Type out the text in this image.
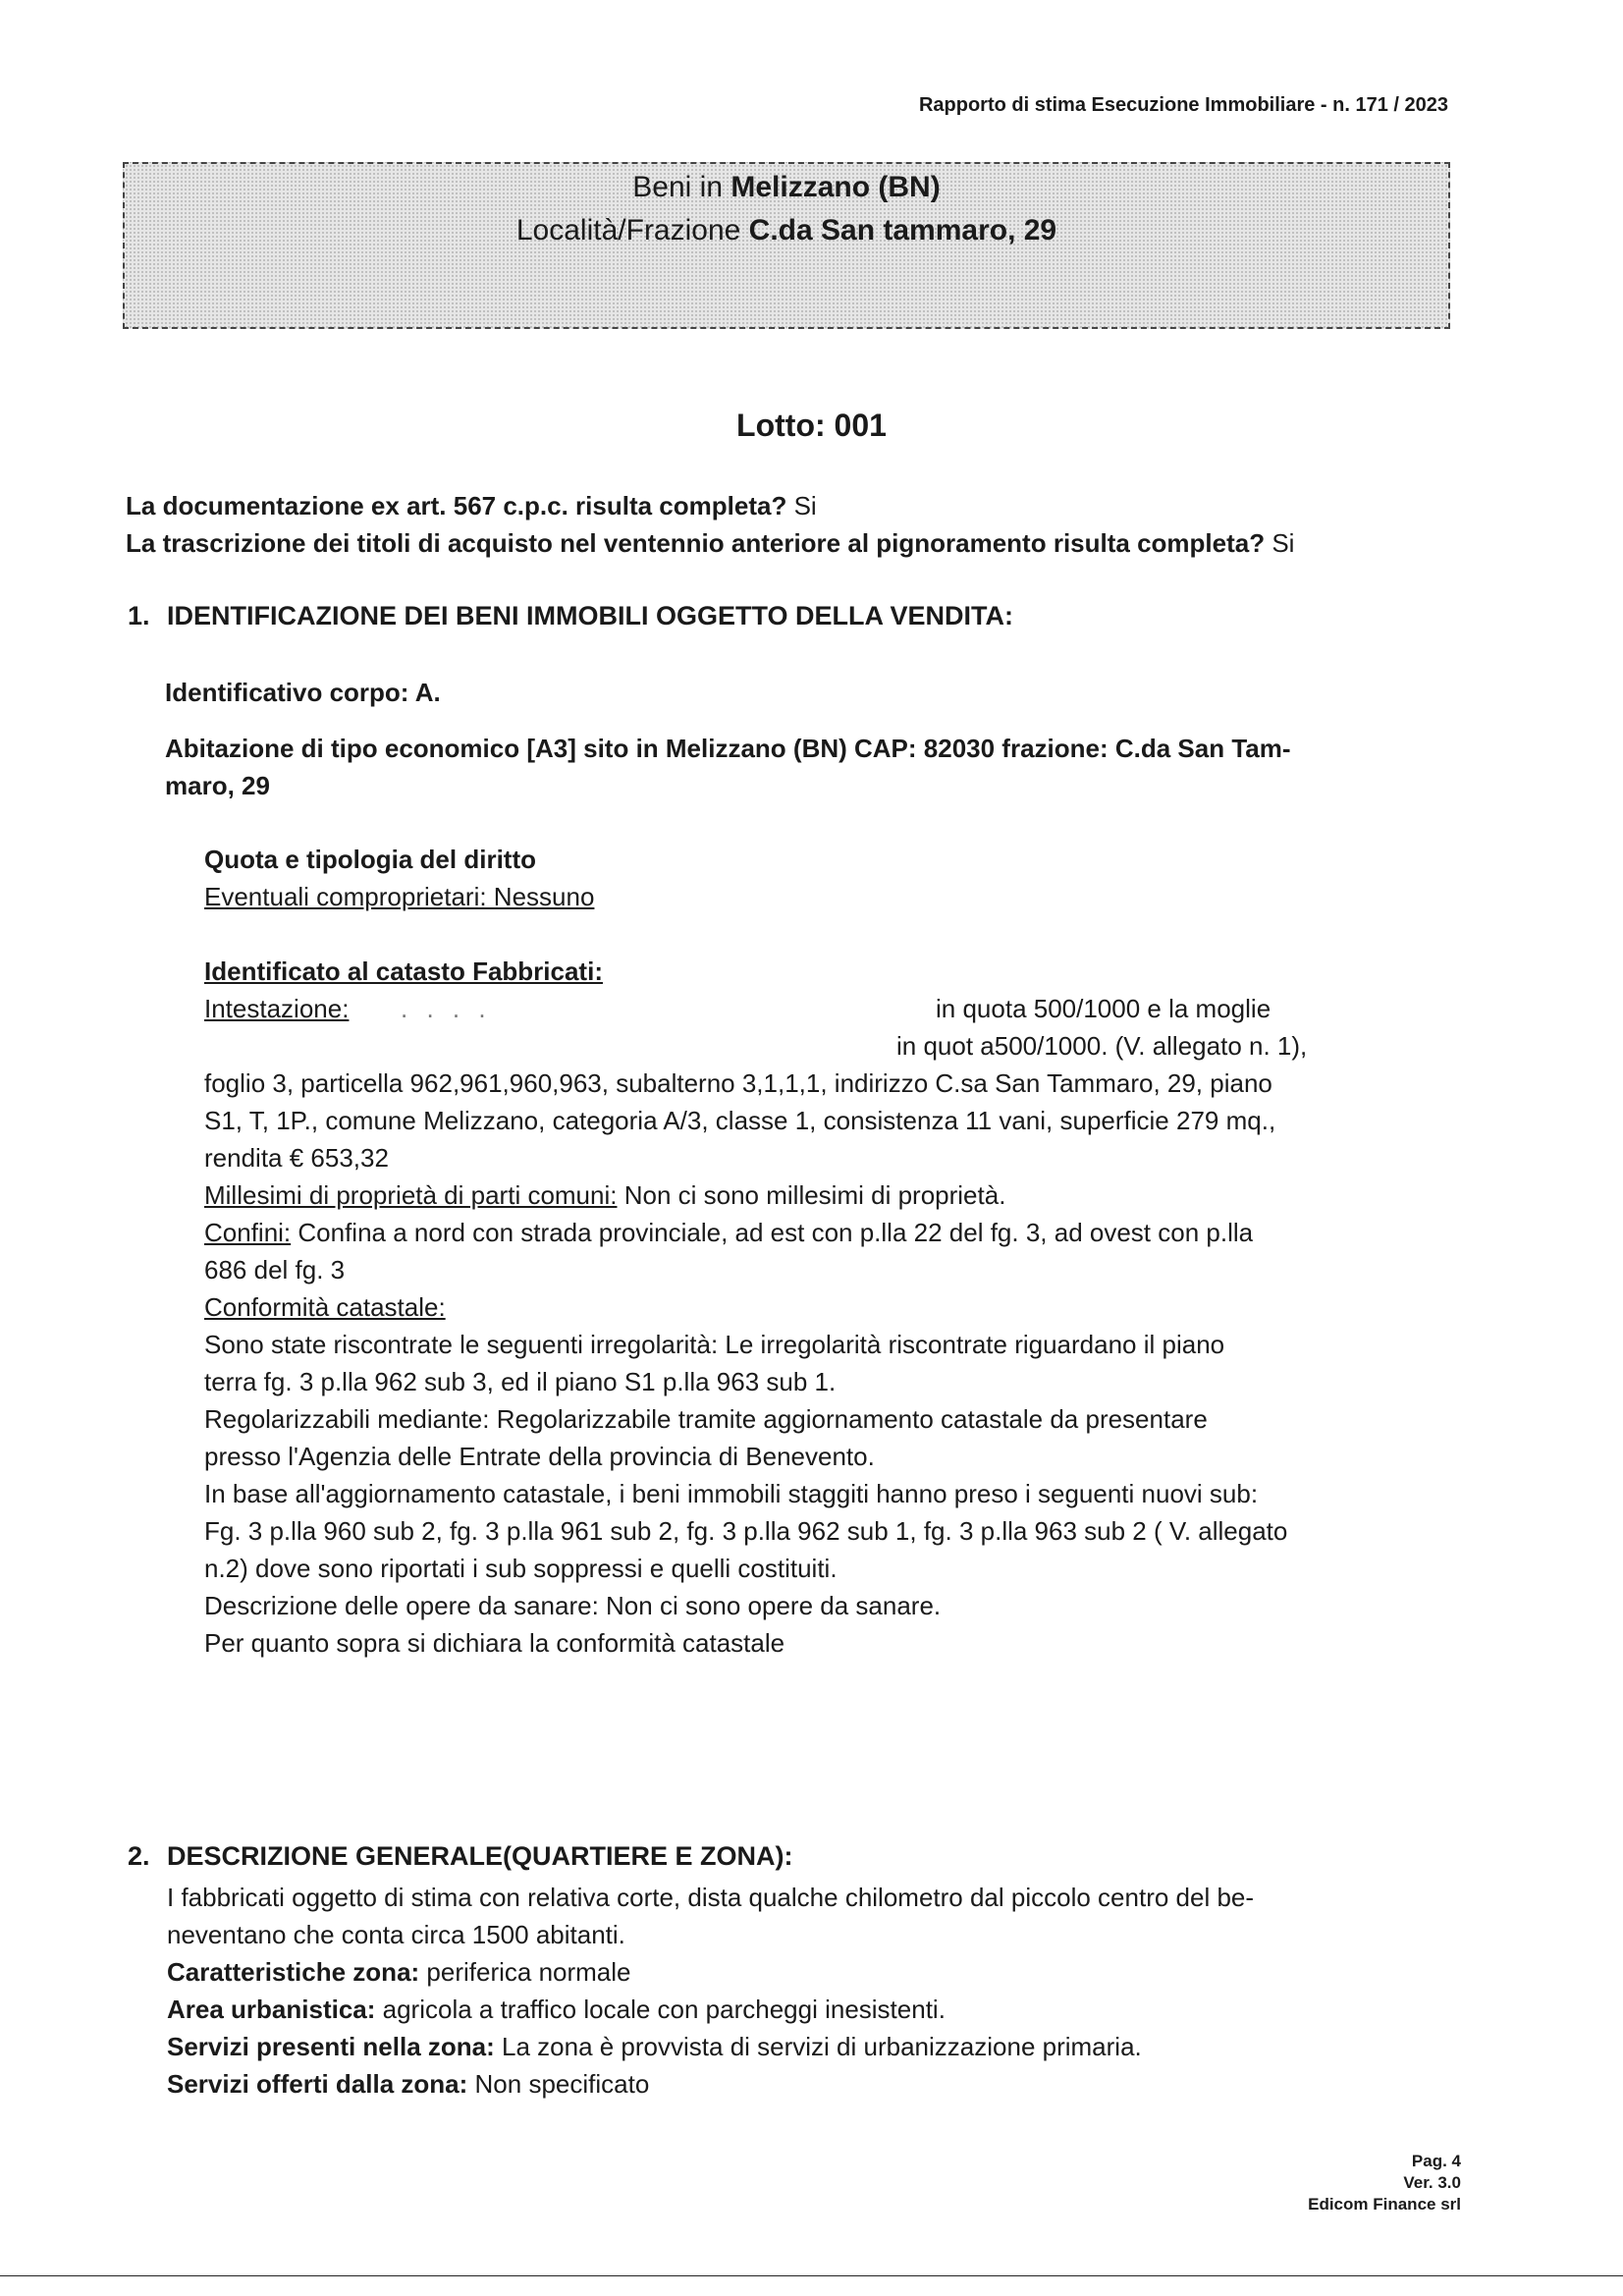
Rapporto di stima Esecuzione Immobiliare - n. 171 / 2023
Beni in Melizzano (BN)
Località/Frazione C.da San tammaro, 29
Lotto: 001
La documentazione ex art. 567 c.p.c. risulta completa? Si
La trascrizione dei titoli di acquisto nel ventennio anteriore al pignoramento risulta completa? Si
1. IDENTIFICAZIONE DEI BENI IMMOBILI OGGETTO DELLA VENDITA:
Identificativo corpo: A.
Abitazione di tipo economico [A3] sito in Melizzano (BN) CAP: 82030 frazione: C.da San Tam-
maro, 29
Quota e tipologia del diritto
Eventuali comproprietari: Nessuno
Identificato al catasto Fabbricati:
Intestazione: . . . .	in quota 500/1000 e la moglie
in quot a500/1000. (V. allegato n. 1),
foglio 3, particella 962,961,960,963, subalterno 3,1,1,1, indirizzo C.sa San Tammaro, 29, piano
S1, T, 1P., comune Melizzano, categoria A/3, classe 1, consistenza 11 vani, superficie 279 mq.,
rendita € 653,32
Millesimi di proprietà di parti comuni: Non ci sono millesimi di proprietà.
Confini: Confina a nord con strada provinciale, ad est con p.lla 22 del fg. 3, ad ovest con p.lla
686 del fg. 3
Conformità catastale:
Sono state riscontrate le seguenti irregolarità: Le irregolarità riscontrate riguardano il piano
terra fg. 3 p.lla 962 sub 3, ed il piano S1 p.lla 963 sub 1.
Regolarizzabili mediante: Regolarizzabile tramite aggiornamento catastale da presentare
presso l'Agenzia delle Entrate della provincia di Benevento.
In base all'aggiornamento catastale, i beni immobili staggiti hanno preso i seguenti nuovi sub:
Fg. 3 p.lla 960 sub 2, fg. 3 p.lla 961 sub 2, fg. 3 p.lla 962 sub 1, fg. 3 p.lla 963 sub 2 ( V. allegato
n.2) dove sono riportati i sub soppressi e quelli costituiti.
Descrizione delle opere da sanare: Non ci sono opere da sanare.
Per quanto sopra si dichiara la conformità catastale
2. DESCRIZIONE GENERALE(QUARTIERE E ZONA):
I fabbricati oggetto di stima con relativa corte, dista qualche chilometro dal piccolo centro del be-
neventano che conta circa 1500 abitanti.
Caratteristiche zona: periferica normale
Area urbanistica: agricola a traffico locale con parcheggi inesistenti.
Servizi presenti nella zona: La zona è provvista di servizi di urbanizzazione primaria.
Servizi offerti dalla zona: Non specificato
Pag. 4
Ver. 3.0
Edicom Finance srl
